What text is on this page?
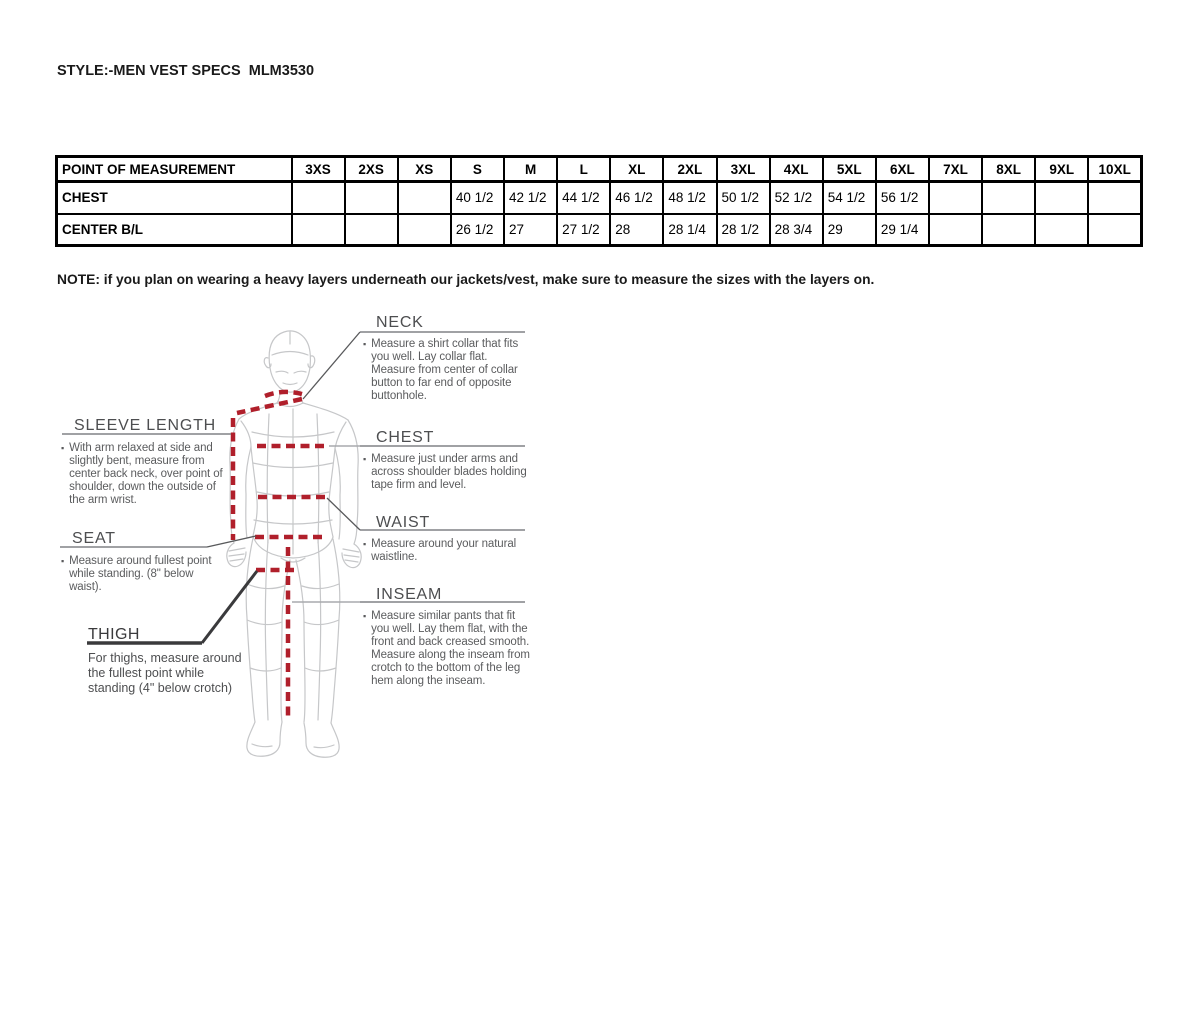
STYLE:-MEN VEST SPECS  MLM3530
POINT OF MEASUREMENT	3XS	2XS	XS	S	M	L	XL	2XL	3XL	4XL	5XL	6XL	7XL	8XL	9XL	10XL
CHEST				40 1/2	42 1/2	44 1/2	46 1/2	48 1/2	50 1/2	52 1/2	54 1/2	56 1/2				
CENTER B/L				26 1/2	27	27 1/2	28	28 1/4	28 1/2	28 3/4	29	29 1/4				
NOTE: if you plan on wearing a heavy layers underneath our jackets/vest, make sure to measure the sizes with the layers on.
NECK
▪ Measure a shirt collar that fits you well. Lay collar flat. Measure from center of collar button to far end of opposite buttonhole.
SLEEVE LENGTH
▪ With arm relaxed at side and slightly bent, measure from center back neck, over point of shoulder, down the outside of the arm wrist.
CHEST
▪ Measure just under arms and across shoulder blades holding tape firm and level.
SEAT
▪ Measure around fullest point while standing. (8" below waist).
WAIST
▪ Measure around your natural waistline.
THIGH
For thighs, measure around the fullest point while standing (4" below crotch)
INSEAM
▪ Measure similar pants that fit you well. Lay them flat, with the front and back creased smooth. Measure along the inseam from crotch to the bottom of the leg hem along the inseam.
